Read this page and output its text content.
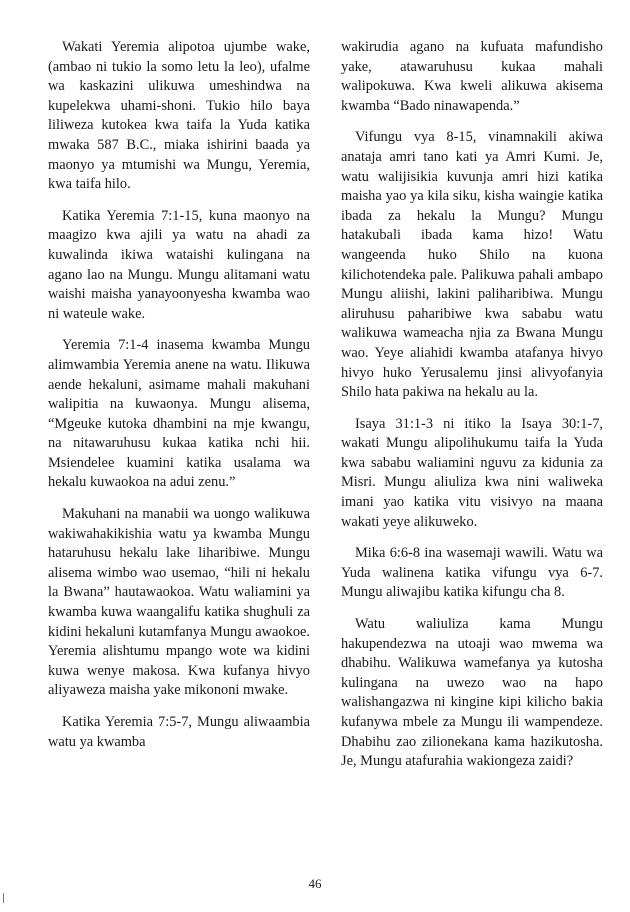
Wakati Yeremia alipotoa ujumbe wake, (ambao ni tukio la somo letu la leo), ufalme wa kaskazini ulikuwa umeshindwa na kupelekwa uhami-shoni. Tukio hilo baya liliweza kutokea kwa taifa la Yuda katika mwaka 587 B.C., miaka ishirini baada ya maonyo ya mtumishi wa Mungu, Yeremia, kwa taifa hilo.

Katika Yeremia 7:1-15, kuna maonyo na maagizo kwa ajili ya watu na ahadi za kuwalinda ikiwa wataishi kulingana na agano lao na Mungu. Mungu alitamani watu waishi maisha yanayoonyesha kwamba wao ni wateule wake.

Yeremia 7:1-4 inasema kwamba Mungu alimwambia Yeremia anene na watu. Ilikuwa aende hekaluni, asimame mahali makuhani walipitia na kuwaonya. Mungu alisema, “Mgeuke kutoka dhambini na mje kwangu, na nitawaruhusu kukaa katika nchi hii. Msiendelee kuamini katika usalama wa hekalu kuwaokoa na adui zenu.”

Makuhani na manabii wa uongo walikuwa wakiwahakikishia watu ya kwamba Mungu hataruhusu hekalu lake liharibiwe. Mungu alisema wimbo wao usemao, “hili ni hekalu la Bwana” hautawaokoa. Watu waliamini ya kwamba kuwa waangalifu katika shughuli za kidini hekaluni kutamfanya Mungu awaokoe. Yeremia alishtumu mpango wote wa kidini kuwa wenye makosa. Kwa kufanya hivyo aliyaweza maisha yake mikononi mwake.

Katika Yeremia 7:5-7, Mungu aliwaambia watu ya kwamba

wakirudia agano na kufuata mafundisho yake, atawaruhusu kukaa mahali walipokuwa. Kwa kweli alikuwa akisema kwamba “Bado ninawapenda.”

Vifungu vya 8-15, vinamnakili akiwa anataja amri tano kati ya Amri Kumi. Je, watu walijisikia kuvunja amri hizi katika maisha yao ya kila siku, kisha waingie katika ibada za hekalu la Mungu? Mungu hatakubali ibada kama hizo! Watu wangeenda huko Shilo na kuona kilichotendeka pale. Palikuwa pahali ambapo Mungu aliishi, lakini paliharibiwa. Mungu aliruhusu paharibiwe kwa sababu watu walikuwa wameacha njia za Bwana Mungu wao. Yeye aliahidi kwamba atafanya hivyo hivyo huko Yerusalemu jinsi alivyofanyia Shilo hata pakiwa na hekalu au la.

Isaya 31:1-3 ni itiko la Isaya 30:1-7, wakati Mungu alipolihukumu taifa la Yuda kwa sababu waliamini nguvu za kidunia za Misri. Mungu aliuliza kwa nini waliweka imani yao katika vitu visivyo na maana wakati yeye alikuweko.

Mika 6:6-8 ina wasemaji wawili. Watu wa Yuda walinena katika vifungu vya 6-7. Mungu aliwajibu katika kifungu cha 8.

Watu waliuliza kama Mungu hakupendezwa na utoaji wao mwema wa dhabihu. Walikuwa wamefanya ya kutosha kulingana na uwezo wao na hapo walishangazwa ni kingine kipi kilicho bakia kufanywa mbele za Mungu ili wampendeze. Dhabihu zao zilionekana kama hazikutosha. Je, Mungu atafurahia wakiongeza zaidi?

46
